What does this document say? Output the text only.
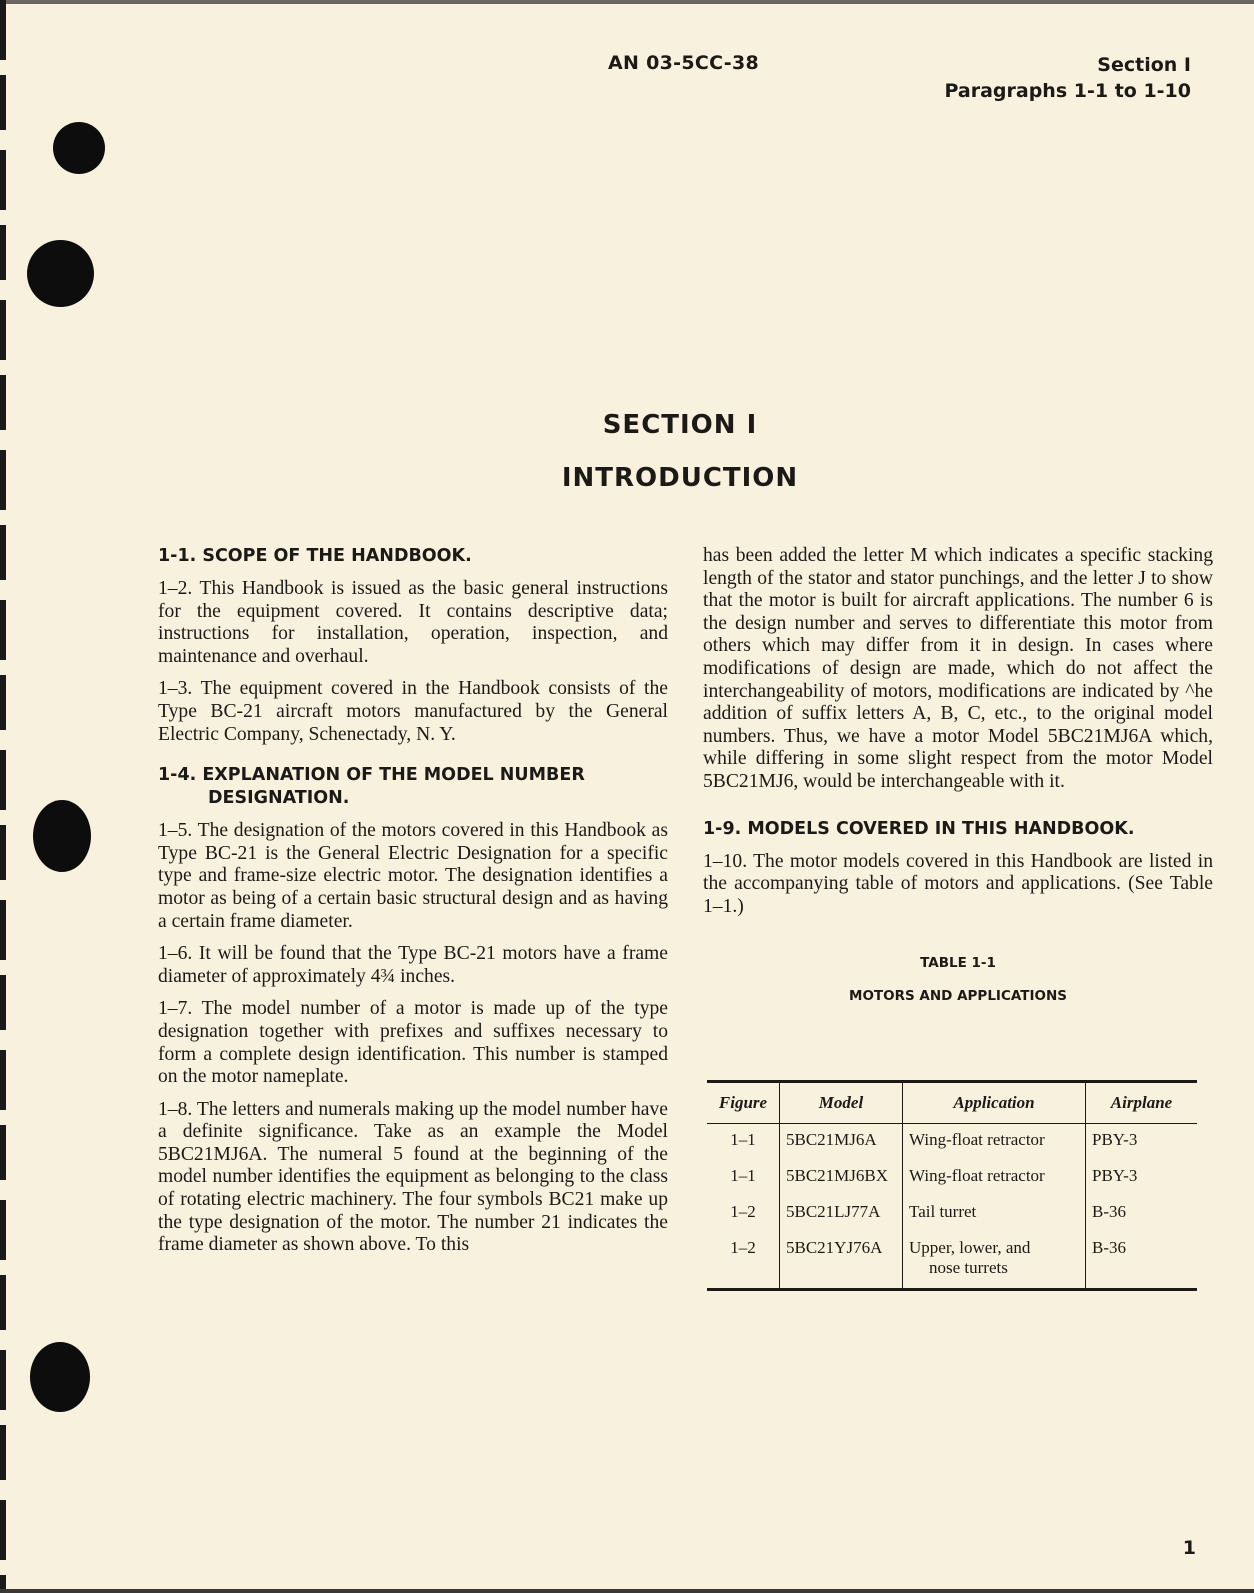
AN 03-5CC-38	Section I
Paragraphs 1-1 to 1-10
SECTION I
INTRODUCTION
1-1. SCOPE OF THE HANDBOOK.

1–2. This Handbook is issued as the basic general instructions for the equipment covered. It contains descriptive data; instructions for installation, operation, inspection, and maintenance and overhaul.

1–3. The equipment covered in the Handbook consists of the Type BC-21 aircraft motors manufactured by the General Electric Company, Schenectady, N. Y.

1-4. EXPLANATION OF THE MODEL NUMBER
DESIGNATION.

1–5. The designation of the motors covered in this Handbook as Type BC-21 is the General Electric Designation for a specific type and frame-size electric motor. The designation identifies a motor as being of a certain basic structural design and as having a certain frame diameter.

1–6. It will be found that the Type BC-21 motors have a frame diameter of approximately 4¾ inches.

1–7. The model number of a motor is made up of the type designation together with prefixes and suffixes necessary to form a complete design identification. This number is stamped on the motor nameplate.

1–8. The letters and numerals making up the model number have a definite significance. Take as an example the Model 5BC21MJ6A. The numeral 5 found at the beginning of the model number identifies the equipment as belonging to the class of rotating electric machinery. The four symbols BC21 make up the type designation of the motor. The number 21 indicates the frame diameter as shown above. To this

has been added the letter M which indicates a specific stacking length of the stator and stator punchings, and the letter J to show that the motor is built for aircraft applications. The number 6 is the design number and serves to differentiate this motor from others which may differ from it in design. In cases where modifications of design are made, which do not affect the interchangeability of motors, modifications are indicated by ^he addition of suffix letters A, B, C, etc., to the original model numbers. Thus, we have a motor Model 5BC21MJ6A which, while differing in some slight respect from the motor Model 5BC21MJ6, would be interchangeable with it.

1-9. MODELS COVERED IN THIS HANDBOOK.

1–10. The motor models covered in this Handbook are listed in the accompanying table of motors and applications. (See Table 1–1.)

TABLE 1-1
MOTORS AND APPLICATIONS
Figure	Model	Application	Airplane
1–1	5BC21MJ6A	Wing-float retractor	PBY-3
1–1	5BC21MJ6BX	Wing-float retractor	PBY-3
1–2	5BC21LJ77A	Tail turret	B-36
1–2	5BC21YJ76A	Upper, lower, and
nose turrets	B-36
1
